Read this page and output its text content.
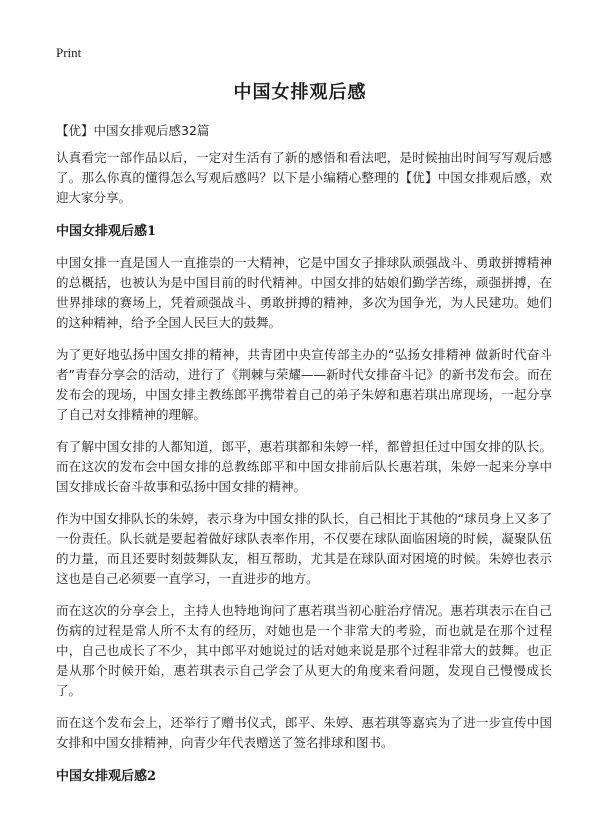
Print
中国女排观后感

【优】中国女排观后感32篇

认真看完一部作品以后，一定对生活有了新的感悟和看法吧，是时候抽出时间写写观后感了。那么你真的懂得怎么写观后感吗？以下是小编精心整理的【优】中国女排观后感，欢迎大家分享。

中国女排观后感1

中国女排一直是国人一直推崇的一大精神，它是中国女子排球队顽强战斗、勇敢拼搏精神的总概括，也被认为是中国目前的时代精神。中国女排的姑娘们勤学苦练，顽强拼搏，在世界排球的赛场上，凭着顽强战斗、勇敢拼搏的精神，多次为国争光，为人民建功。她们的这种精神，给予全国人民巨大的鼓舞。

为了更好地弘扬中国女排的精神，共青团中央宣传部主办的“弘扬女排精神 做新时代奋斗者”青春分享会的活动，进行了《荆棘与荣耀——新时代女排奋斗记》的新书发布会。而在发布会的现场，中国女排主教练郎平携带着自己的弟子朱婷和惠若琪出席现场，一起分享了自己对女排精神的理解。

有了解中国女排的人都知道，郎平，惠若琪都和朱婷一样，都曾担任过中国女排的队长。而在这次的发布会中国女排的总教练郎平和中国女排前后队长惠若琪，朱婷一起来分享中国女排成长奋斗故事和弘扬中国女排的精神。

作为中国女排队长的朱婷，表示身为中国女排的队长，自己相比于其他的“球员身上又多了一份责任。队长就是要起着做好球队表率作用，不仅要在球队面临困境的时候，凝聚队伍的力量，而且还要时刻鼓舞队友，相互帮助，尤其是在球队面对困境的时候。朱婷也表示这也是自己必须要一直学习，一直进步的地方。

而在这次的分享会上，主持人也特地询问了惠若琪当初心脏治疗情况。惠若琪表示在自己伤病的过程是常人所不太有的经历，对她也是一个非常大的考验，而也就是在那个过程中，自己也成长了不少，其中郎平对她说过的话对她来说是那个过程非常大的鼓舞。也正是从那个时候开始，惠若琪表示自己学会了从更大的角度来看问题，发现自己慢慢成长了。

而在这个发布会上，还举行了赠书仪式，郎平、朱婷、惠若琪等嘉宾为了进一步宣传中国女排和中国女排精神，向青少年代表赠送了签名排球和图书。

中国女排观后感2
